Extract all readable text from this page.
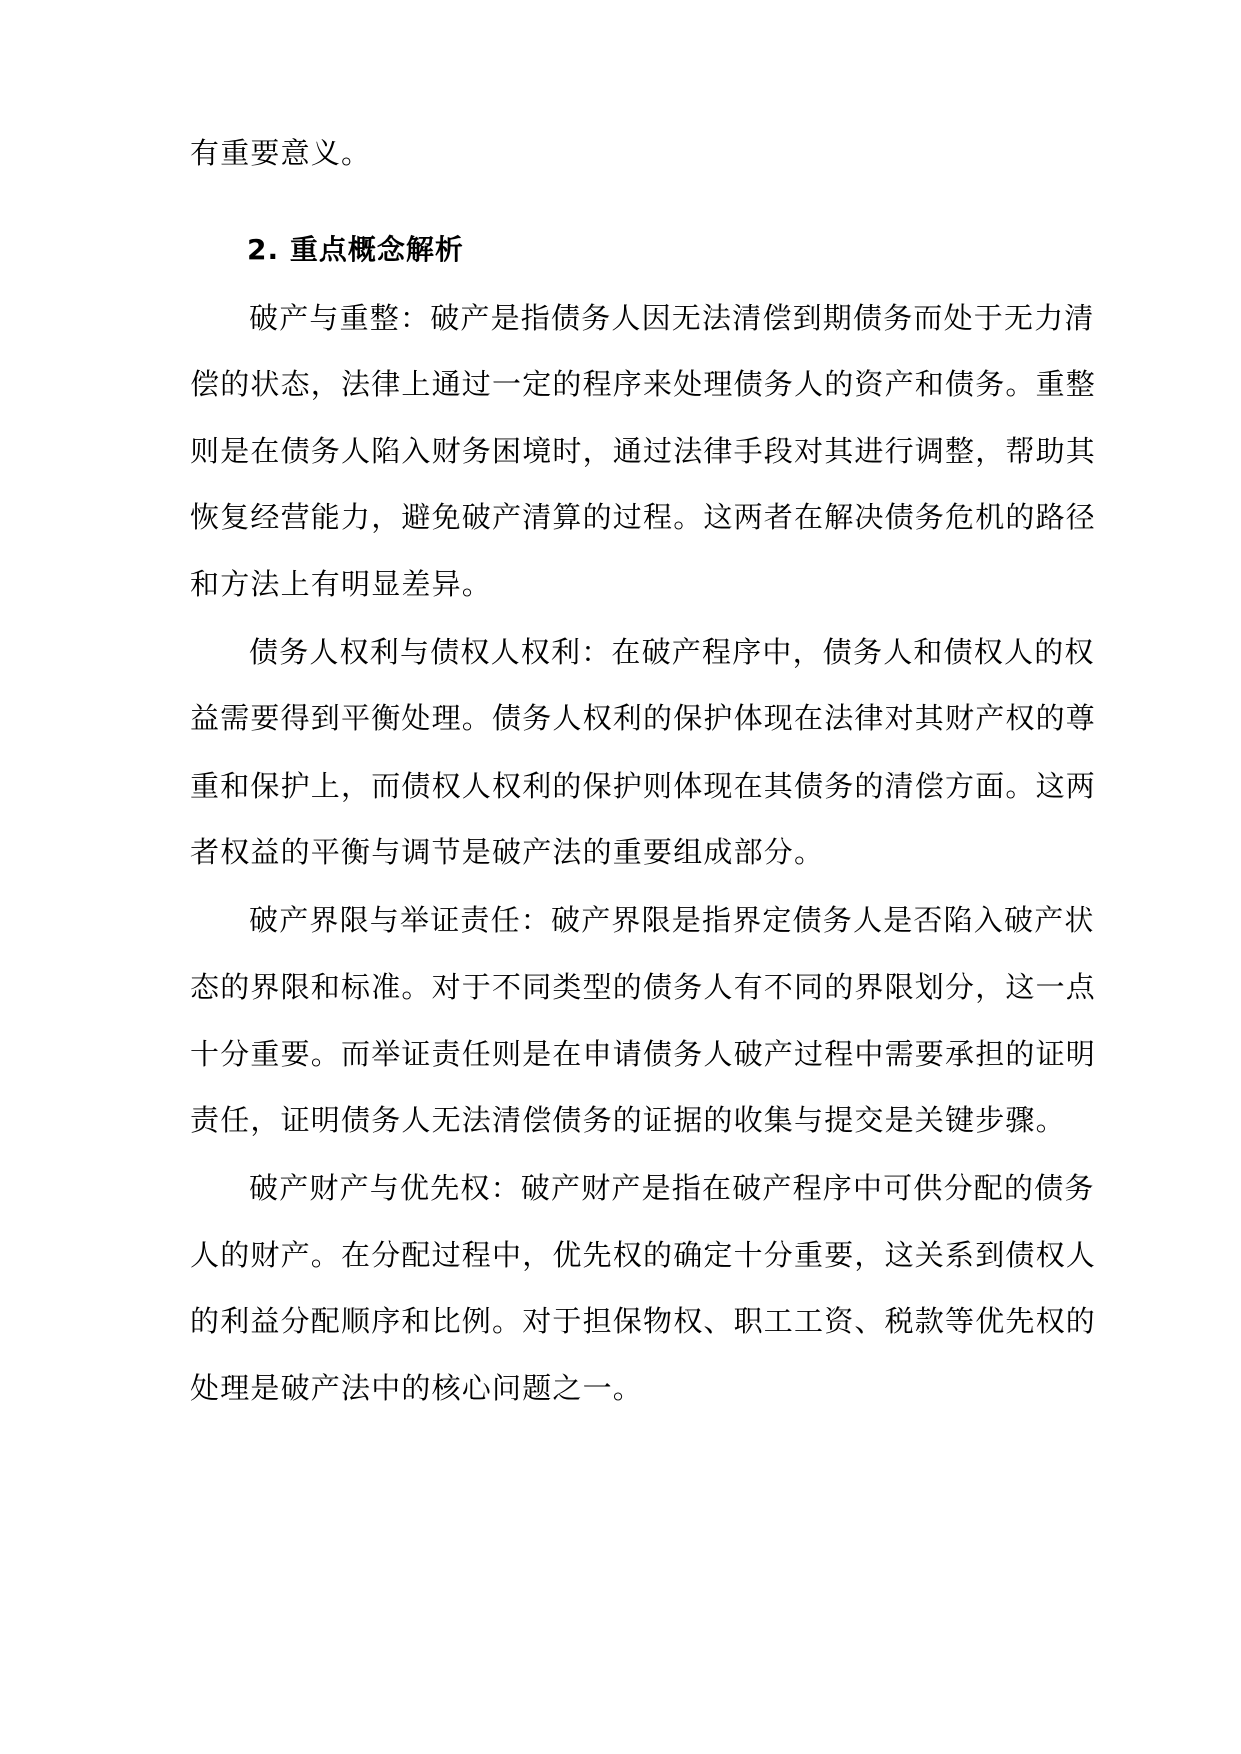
有重要意义。
2. 重点概念解析
破产与重整：破产是指债务人因无法清偿到期债务而处于无力清
偿的状态，法律上通过一定的程序来处理债务人的资产和债务。重整
则是在债务人陷入财务困境时，通过法律手段对其进行调整，帮助其
恢复经营能力，避免破产清算的过程。这两者在解决债务危机的路径
和方法上有明显差异。
债务人权利与债权人权利：在破产程序中，债务人和债权人的权
益需要得到平衡处理。债务人权利的保护体现在法律对其财产权的尊
重和保护上，而债权人权利的保护则体现在其债务的清偿方面。这两
者权益的平衡与调节是破产法的重要组成部分。
破产界限与举证责任：破产界限是指界定债务人是否陷入破产状
态的界限和标准。对于不同类型的债务人有不同的界限划分，这一点
十分重要。而举证责任则是在申请债务人破产过程中需要承担的证明
责任，证明债务人无法清偿债务的证据的收集与提交是关键步骤。
破产财产与优先权：破产财产是指在破产程序中可供分配的债务
人的财产。在分配过程中，优先权的确定十分重要，这关系到债权人
的利益分配顺序和比例。对于担保物权、职工工资、税款等优先权的
处理是破产法中的核心问题之一。
